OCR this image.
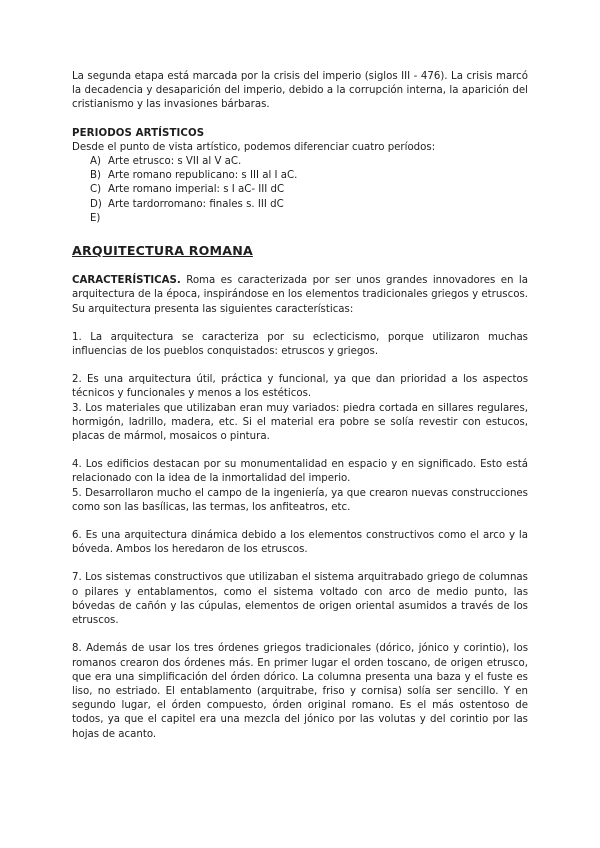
La segunda etapa está marcada por la crisis del imperio (siglos III - 476). La crisis marcó la decadencia y desaparición del imperio, debido a la corrupción interna, la aparición del cristianismo y las invasiones bárbaras.

PERIODOS ARTÍSTICOS

Desde el punto de vista artístico, podemos diferenciar cuatro períodos:

A) Arte etrusco: s VII al V aC.
B) Arte romano republicano: s III al I aC.
C) Arte romano imperial: s I aC- III dC
D) Arte tardorromano: finales s. III dC
E)
ARQUITECTURA ROMANA

CARACTERÍSTICAS. Roma es caracterizada por ser unos grandes innovadores en la arquitectura de la época, inspirándose en los elementos tradicionales griegos y etruscos. Su arquitectura presenta las siguientes características:

1. La arquitectura se caracteriza por su eclecticismo, porque utilizaron muchas influencias de los pueblos conquistados: etruscos y griegos.

2. Es una arquitectura útil, práctica y funcional, ya que dan prioridad a los aspectos técnicos y funcionales y menos a los estéticos.

3. Los materiales que utilizaban eran muy variados: piedra cortada en sillares regulares, hormigón, ladrillo, madera, etc. Si el material era pobre se solía revestir con estucos, placas de mármol, mosaicos o pintura.

4. Los edificios destacan por su monumentalidad en espacio y en significado. Esto está relacionado con la idea de la inmortalidad del imperio.

5. Desarrollaron mucho el campo de la ingeniería, ya que crearon nuevas construcciones como son las basílicas, las termas, los anfiteatros, etc.

6. Es una arquitectura dinámica debido a los elementos constructivos como el arco y la bóveda. Ambos los heredaron de los etruscos.

7. Los sistemas constructivos que utilizaban el sistema arquitrabado griego de columnas o pilares y entablamentos, como el sistema voltado con arco de medio punto, las bóvedas de cañón y las cúpulas, elementos de origen oriental asumidos a través de los etruscos.

8. Además de usar los tres órdenes griegos tradicionales (dórico, jónico y corintio), los romanos crearon dos órdenes más. En primer lugar el orden toscano, de origen etrusco, que era una simplificación del órden dórico. La columna presenta una baza y el fuste es liso, no estriado. El entablamento (arquitrabe, friso y cornisa) solía ser sencillo. Y en segundo lugar, el órden compuesto, órden original romano. Es el más ostentoso de todos, ya que el capitel era una mezcla del jónico por las volutas y del corintio por las hojas de acanto.
